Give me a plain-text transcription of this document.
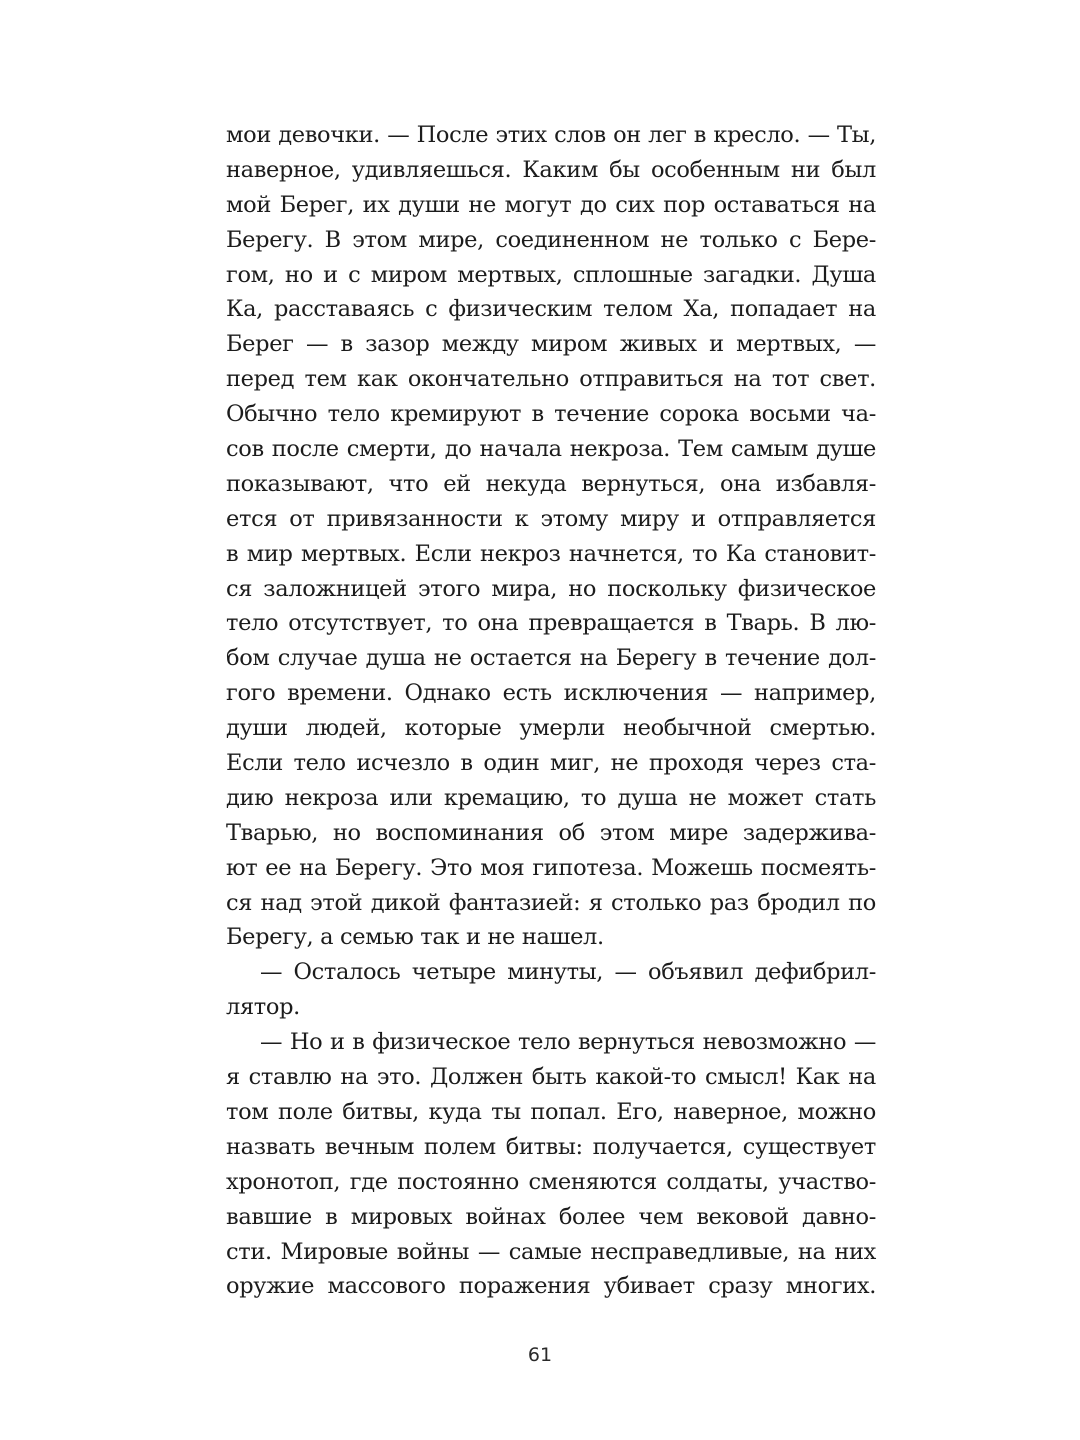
мои девочки. — После этих слов он лег в кресло. — Ты,
наверное, удивляешься. Каким бы особенным ни был
мой Берег, их души не могут до сих пор оставаться на
Берегу. В этом мире, соединенном не только с Бере-
гом, но и с миром мертвых, сплошные загадки. Душа
Ка, расставаясь с физическим телом Ха, попадает на
Берег — в зазор между миром живых и мертвых, —
перед тем как окончательно отправиться на тот свет.
Обычно тело кремируют в течение сорока восьми ча-
сов после смерти, до начала некроза. Тем самым душе
показывают, что ей некуда вернуться, она избавля-
ется от привязанности к этому миру и отправляется
в мир мертвых. Если некроз начнется, то Ка становит-
ся заложницей этого мира, но поскольку физическое
тело отсутствует, то она превращается в Тварь. В лю-
бом случае душа не остается на Берегу в течение дол-
гого времени. Однако есть исключения — например,
души людей, которые умерли необычной смертью.
Если тело исчезло в один миг, не проходя через ста-
дию некроза или кремацию, то душа не может стать
Тварью, но воспоминания об этом мире задержива-
ют ее на Берегу. Это моя гипотеза. Можешь посмеять-
ся над этой дикой фантазией: я столько раз бродил по
Берегу, а семью так и не нашел.
— Осталось четыре минуты, — объявил дефибрил-
лятор.
— Но и в физическое тело вернуться невозможно —
я ставлю на это. Должен быть какой-то смысл! Как на
том поле битвы, куда ты попал. Его, наверное, можно
назвать вечным полем битвы: получается, существует
хронотоп, где постоянно сменяются солдаты, участво-
вавшие в мировых войнах более чем вековой давно-
сти. Мировые войны — самые несправедливые, на них
оружие массового поражения убивает сразу многих.
61
